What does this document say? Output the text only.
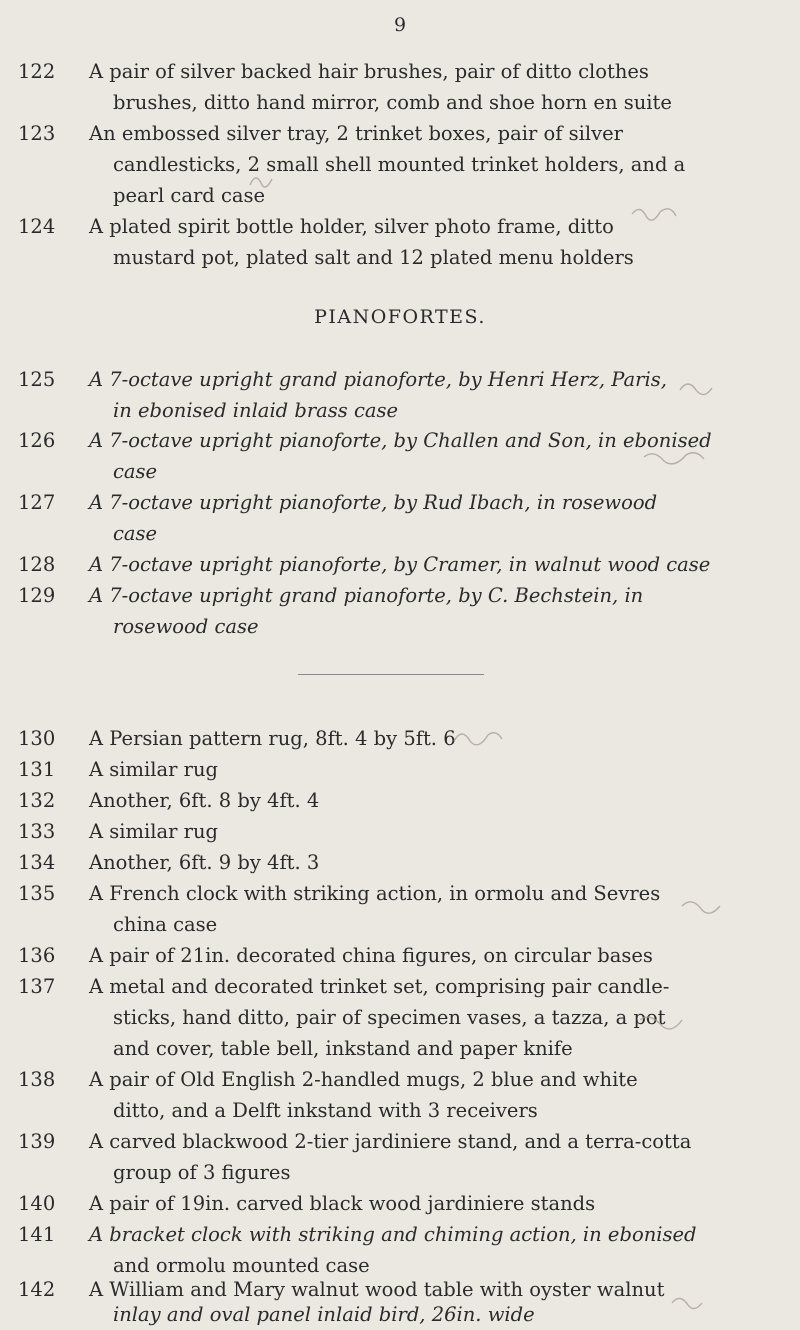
9
122 A pair of silver backed hair brushes, pair of ditto clothes
brushes, ditto hand mirror, comb and shoe horn en suite
123 An embossed silver tray, 2 trinket boxes, pair of silver
candlesticks, 2 small shell mounted trinket holders, and a
pearl card case
124 A plated spirit bottle holder, silver photo frame, ditto
mustard pot, plated salt and 12 plated menu holders
PIANOFORTES.
125 A 7-octave upright grand pianoforte, by Henri Herz, Paris,
in ebonised inlaid brass case
126 A 7-octave upright pianoforte, by Challen and Son, in ebonised
case
127 A 7-octave upright pianoforte, by Rud Ibach, in rosewood
case
128 A 7-octave upright pianoforte, by Cramer, in walnut wood case
129 A 7-octave upright grand pianoforte, by C. Bechstein, in
rosewood case
130 A Persian pattern rug, 8ft. 4 by 5ft. 6
131 A similar rug
132 Another, 6ft. 8 by 4ft. 4
133 A similar rug
134 Another, 6ft. 9 by 4ft. 3
135 A French clock with striking action, in ormolu and Sevres
china case
136 A pair of 21in. decorated china figures, on circular bases
137 A metal and decorated trinket set, comprising pair candle-
sticks, hand ditto, pair of specimen vases, a tazza, a pot
and cover, table bell, inkstand and paper knife
138 A pair of Old English 2-handled mugs, 2 blue and white
ditto, and a Delft inkstand with 3 receivers
139 A carved blackwood 2-tier jardiniere stand, and a terra-cotta
group of 3 figures
140 A pair of 19in. carved black wood jardiniere stands
141 A bracket clock with striking and chiming action, in ebonised
and ormolu mounted case
142 A William and Mary walnut wood table with oyster walnut
inlay and oval panel inlaid bird, 26in. wide
